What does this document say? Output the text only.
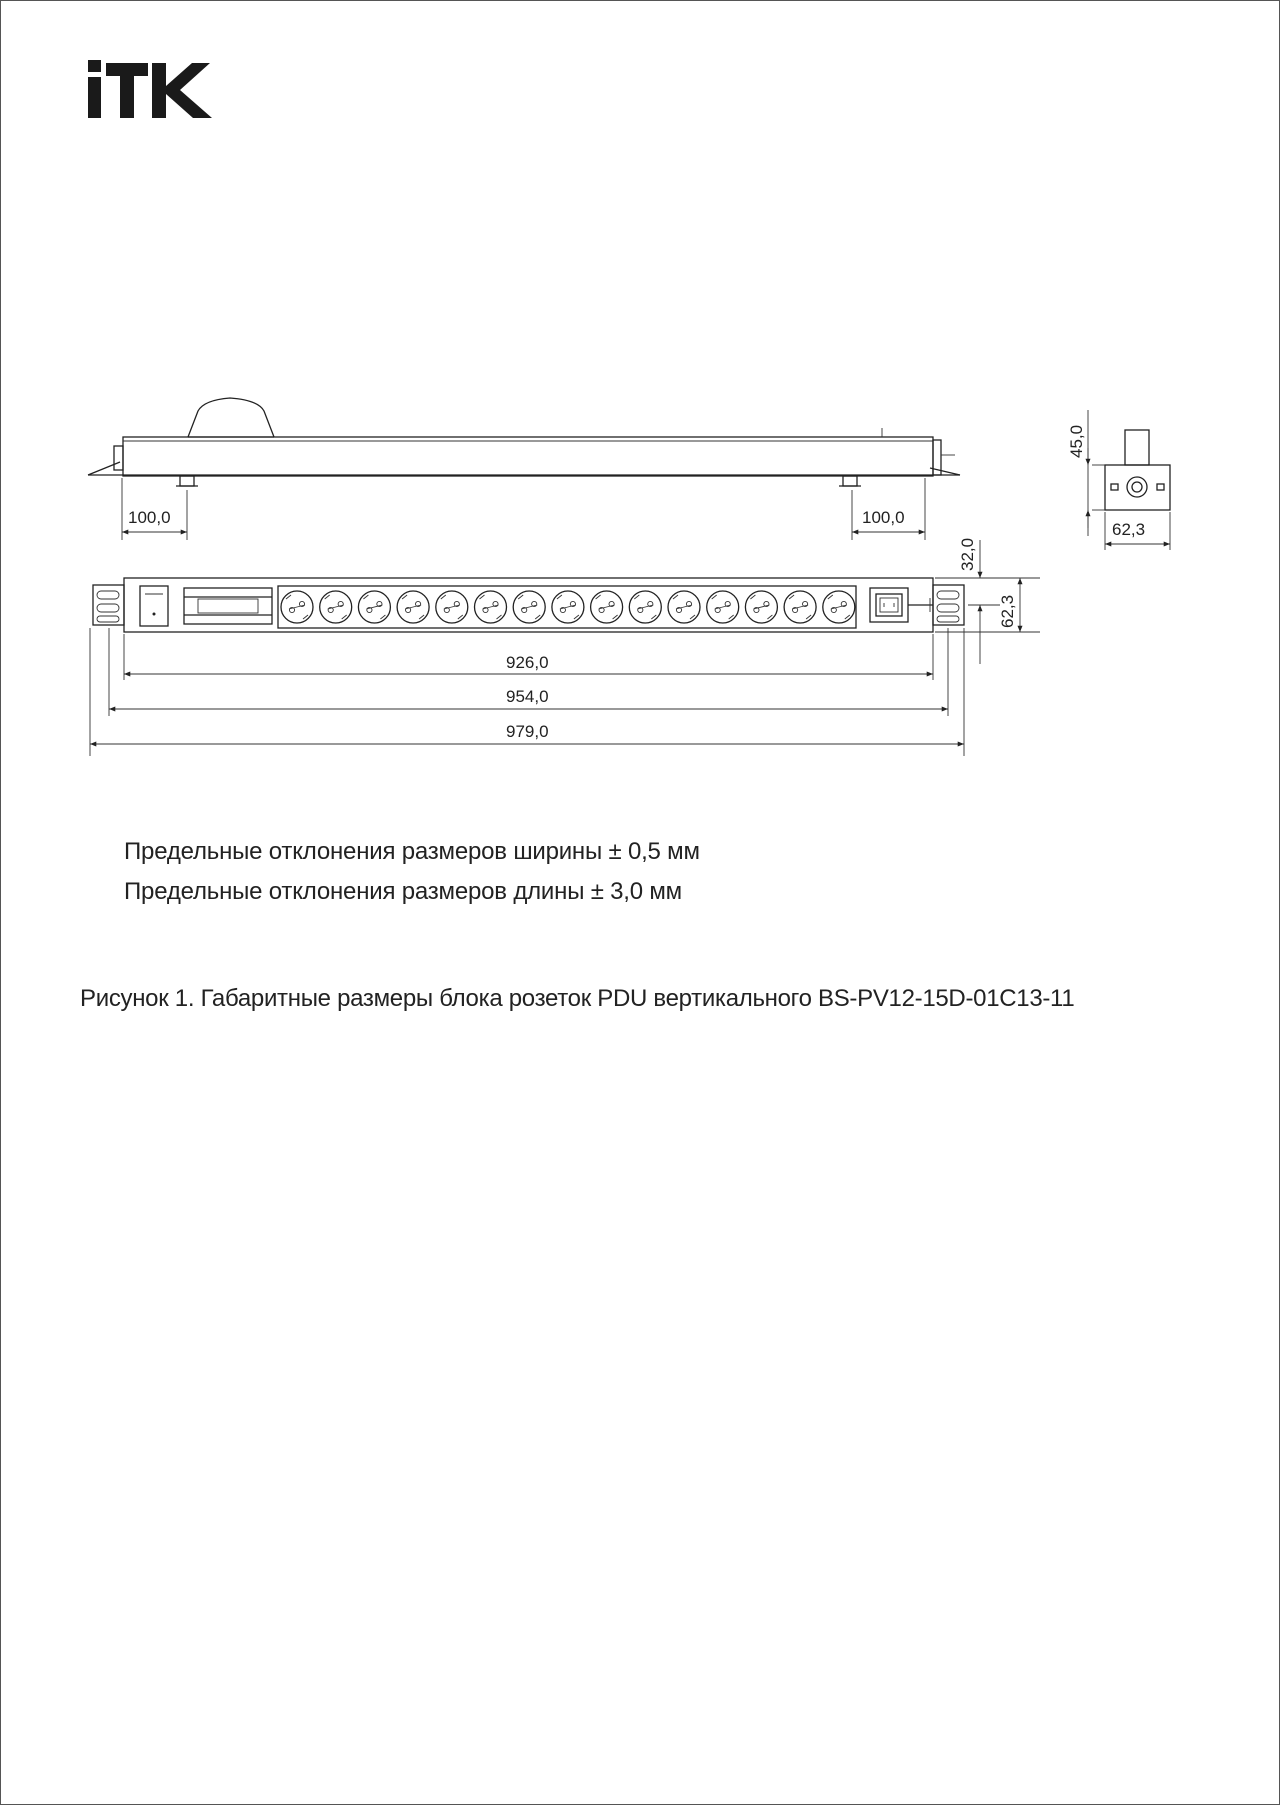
100,0	100,0
45,0
62,3
32,0
62,3
926,0
954,0
979,0
Предельные отклонения размеров ширины ± 0,5 мм
Предельные отклонения размеров длины ± 3,0 мм
Рисунок 1. Габаритные размеры блока розеток PDU вертикального BS-PV12-15D-01C13-11
